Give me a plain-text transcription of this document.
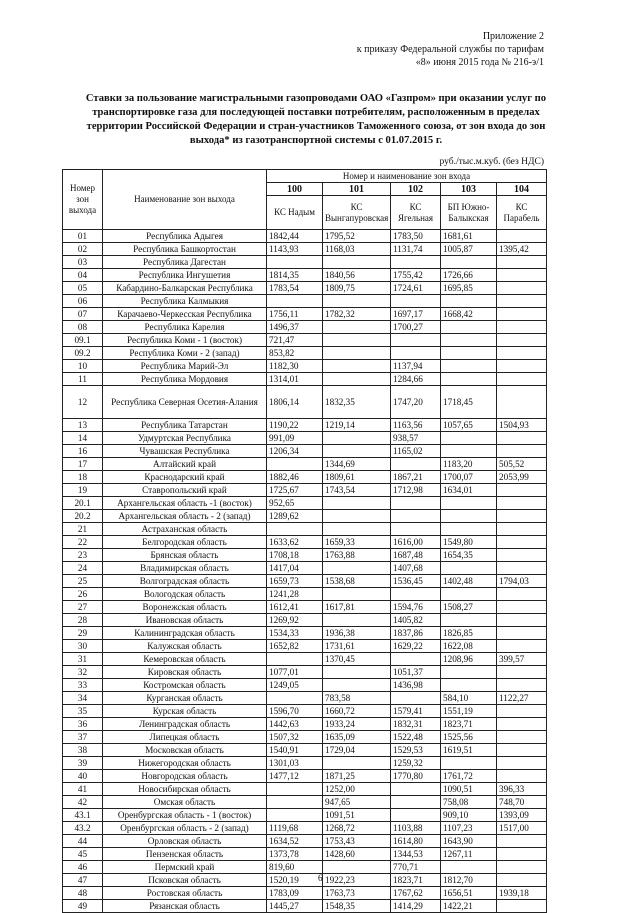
Приложение 2
к приказу Федеральной службы по тарифам
«8» июня 2015 года № 216-э/1
Ставки за пользование магистральными газопроводами ОАО «Газпром» при оказании услуг по транспортировке газа для последующей поставки потребителям, расположенным в пределах территории Российской Федерации и стран-участников Таможенного союза, от зон входа до зон выхода* из газотранспортной системы с 01.07.2015 г.
руб./тыс.м.куб. (без НДС)
Номер зон выхода	Наименование зон выхода	Номер и наименование зон входа				
		100	101	102	103	104
		КС Надым	КС Вынгапуровская	КС Ягельная	БП Южно-Балыкская	КС Парабель
01	Республика Адыгея	1842,44	1795,52	1783,50	1681,61	
02	Республика Башкортостан	1143,93	1168,03	1131,74	1005,87	1395,42
03	Республика Дагестан					
04	Республика Ингушетия	1814,35	1840,56	1755,42	1726,66	
05	Кабардино-Балкарская Республика	1783,54	1809,75	1724,61	1695,85	
06	Республика Калмыкия					
07	Карачаево-Черкесская Республика	1756,11	1782,32	1697,17	1668,42	
08	Республика Карелия	1496,37		1700,27		
09.1	Республика Коми - 1 (восток)	721,47				
09.2	Республика Коми - 2 (запад)	853,82				
10	Республика Марий-Эл	1182,30		1137,94		
11	Республика Мордовия	1314,01		1284,66		
12	Республика Северная Осетия-Алания	1806,14	1832,35	1747,20	1718,45	
13	Республика Татарстан	1190,22	1219,14	1163,56	1057,65	1504,93
14	Удмуртская Республика	991,09		938,57		
16	Чувашская Республика	1206,34		1165,02		
17	Алтайский край		1344,69		1183,20	505,52
18	Краснодарский край	1882,46	1809,61	1867,21	1700,07	2053,99
19	Ставропольский край	1725,67	1743,54	1712,98	1634,01	
20.1	Архангельская область -1 (восток)	952,65				
20.2	Архангельская область - 2 (запад)	1289,62				
21	Астраханская область					
22	Белгородская область	1633,62	1659,33	1616,00	1549,80	
23	Брянская область	1708,18	1763,88	1687,48	1654,35	
24	Владимирская область	1417,04		1407,68		
25	Волгоградская область	1659,73	1538,68	1536,45	1402,48	1794,03
26	Вологодская область	1241,28				
27	Воронежская область	1612,41	1617,81	1594,76	1508,27	
28	Ивановская область	1269,92		1405,82		
29	Калининградская область	1534,33	1936,38	1837,86	1826,85	
30	Калужская область	1652,82	1731,61	1629,22	1622,08	
31	Кемеровская область		1370,45		1208,96	399,57
32	Кировская область	1077,01		1051,37		
33	Костромская область	1249,05		1436,98		
34	Курганская область		783,58		584,10	1122,27
35	Курская область	1596,70	1660,72	1579,41	1551,19	
36	Ленинградская область	1442,63	1933,24	1832,31	1823,71	
37	Липецкая область	1507,32	1635,09	1522,48	1525,56	
38	Московская область	1540,91	1729,04	1529,53	1619,51	
39	Нижегородская область	1301,03		1259,32		
40	Новгородская область	1477,12	1871,25	1770,80	1761,72	
41	Новосибирская область		1252,00		1090,51	396,33
42	Омская область		947,65		758,08	748,70
43.1	Оренбургская область - 1 (восток)		1091,51		909,10	1393,09
43.2	Оренбургская область - 2 (запад)	1119,68	1268,72	1103,88	1107,23	1517,00
44	Орловская область	1634,52	1753,43	1614,80	1643,90	
45	Пензенская область	1373,78	1428,60	1344,53	1267,11	
46	Пермский край	819,60		770,71		
47	Псковская область	1520,19	1922,23	1823,71	1812,70	
48	Ростовская область	1783,09	1763,73	1767,62	1656,51	1939,18
49	Рязанская область	1445,27	1548,35	1414,29	1422,21	
6
